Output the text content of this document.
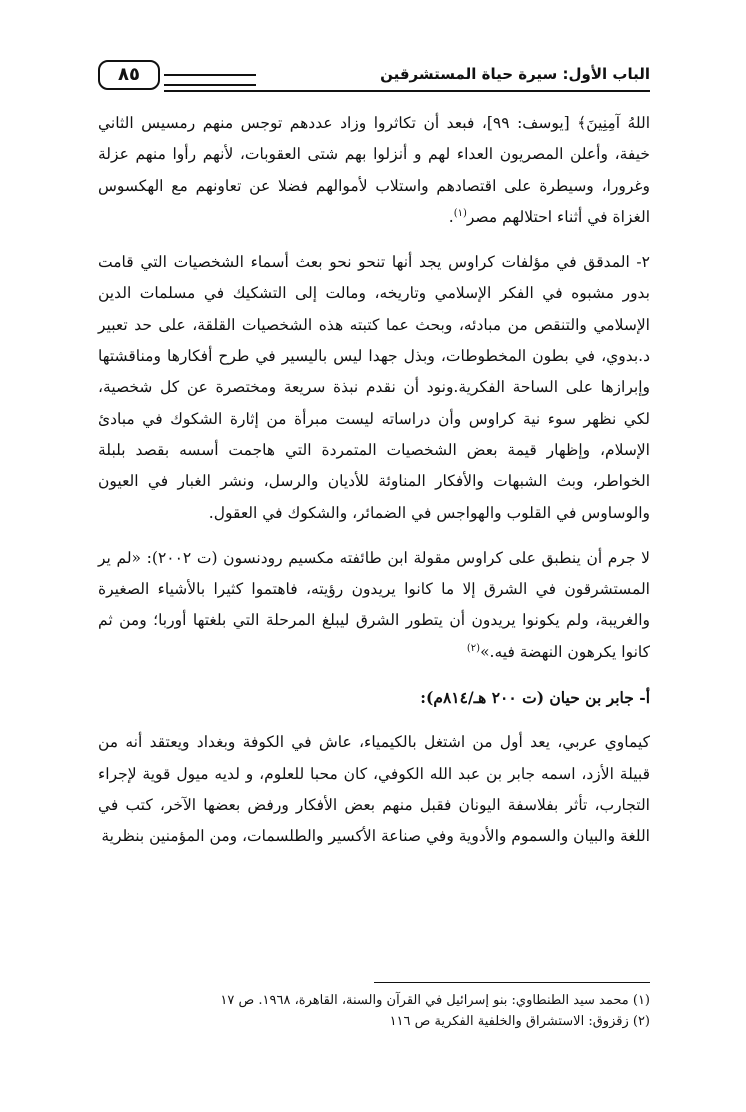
٨٥	الباب الأول: سيرة حياة المستشرقين

اللهُ آمِنِينَ﴾ [يوسف: ٩٩]، فبعد أن تكاثروا وزاد عددهم توجس منهم رمسيس الثاني خيفة، وأعلن المصريون العداء لهم و أنزلوا بهم شتى العقوبات، لأنهم رأوا منهم عزلة وغرورا، وسيطرة على اقتصادهم واستلاب لأموالهم فضلا عن تعاونهم مع الهكسوس الغزاة في أثناء احتلالهم مصر$^{(١)}$.

٢- المدقق في مؤلفات كراوس يجد أنها تنحو نحو بعث أسماء الشخصيات التي قامت بدور مشبوه في الفكر الإسلامي وتاريخه، ومالت إلى التشكيك في مسلمات الدين الإسلامي والتنقص من مبادئه، وبحث عما كتبته هذه الشخصيات القلقة، على حد تعبير د.بدوي، في بطون المخطوطات، وبذل جهدا ليس باليسير في طرح أفكارها ومناقشتها وإبرازها على الساحة الفكرية.ونود أن نقدم نبذة سريعة ومختصرة عن كل شخصية، لكي نظهر سوء نية كراوس وأن دراساته ليست مبرأة من إثارة الشكوك في مبادئ الإسلام، وإظهار قيمة بعض الشخصيات المتمردة التي هاجمت أسسه بقصد بلبلة الخواطر، وبث الشبهات والأفكار المناوئة للأديان والرسل، ونشر الغبار في العيون والوساوس في القلوب والهواجس في الضمائر، والشكوك في العقول.

لا جرم أن ينطبق على كراوس مقولة ابن طائفته مكسيم رودنسون (ت ٢٠٠٢): «لم ير المستشرقون في الشرق إلا ما كانوا يريدون رؤيته، فاهتموا كثيرا بالأشياء الصغيرة والغريبة، ولم يكونوا يريدون أن يتطور الشرق ليبلغ المرحلة التي بلغتها أوربا؛ ومن ثم كانوا يكرهون النهضة فيه.»$^{(٢)}$

أ- جابر بن حيان (ت ٢٠٠ هـ/٨١٤م):

كيماوي عربي، يعد أول من اشتغل بالكيمياء، عاش في الكوفة وبغداد ويعتقد أنه من قبيلة الأزد، اسمه جابر بن عبد الله الكوفي، كان محبا للعلوم، و لديه ميول قوية لإجراء التجارب، تأثر بفلاسفة اليونان فقبل منهم بعض الأفكار ورفض بعضها الآخر، كتب في اللغة والبيان والسموم والأدوية وفي صناعة الأكسير والطلسمات، ومن المؤمنين بنظرية

(١) محمد سيد الطنطاوي: بنو إسرائيل في القرآن والسنة، القاهرة، ١٩٦٨. ص ١٧

(٢) زقزوق: الاستشراق والخلفية الفكرية ص ١١٦
